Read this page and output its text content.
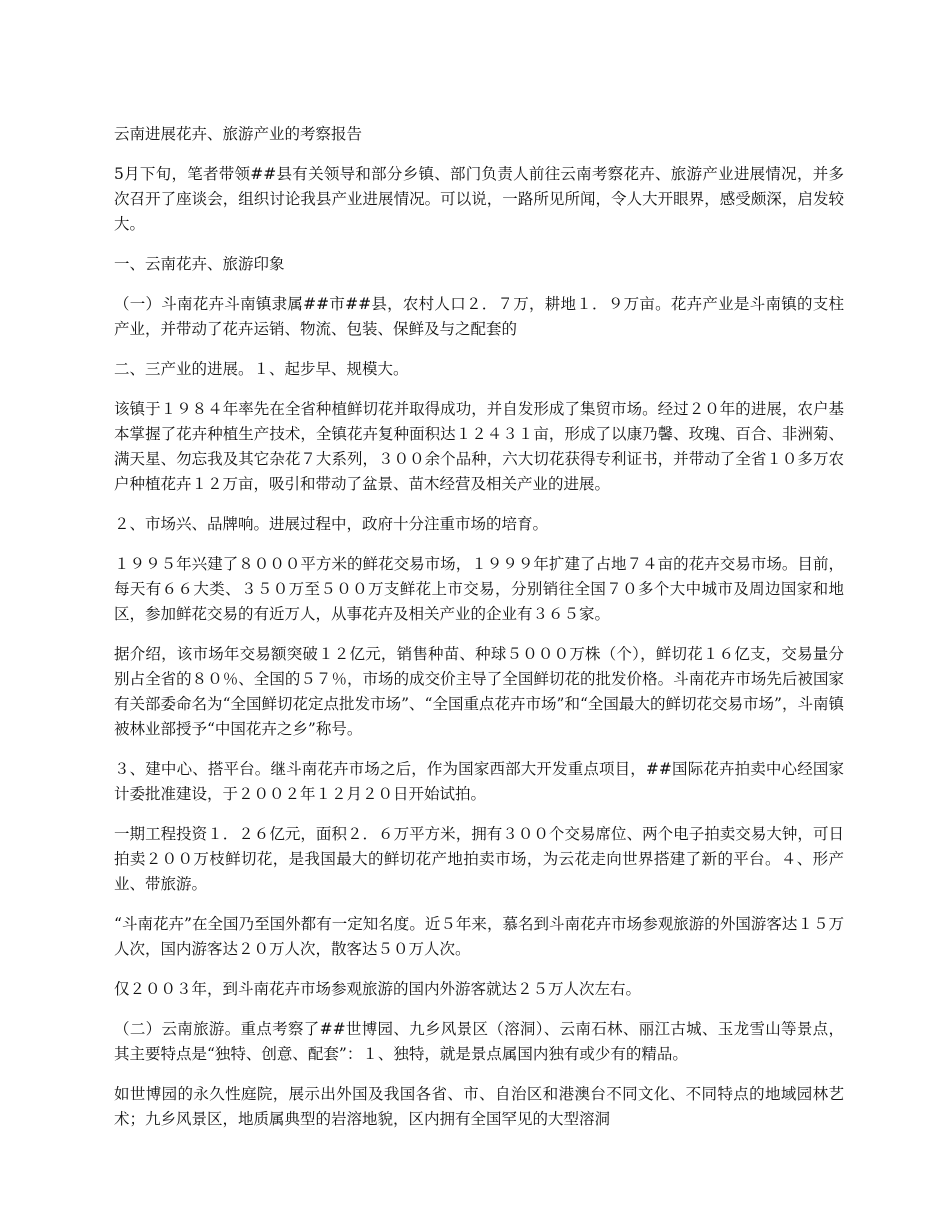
云南进展花卉、旅游产业的考察报告

5月下旬，笔者带领##县有关领导和部分乡镇、部门负责人前往云南考察花卉、旅游产业进展情况，并多次召开了座谈会，组织讨论我县产业进展情况。可以说，一路所见所闻，令人大开眼界，感受颇深，启发较大。

一、云南花卉、旅游印象

（一）斗南花卉斗南镇隶属##市##县，农村人口２．７万，耕地１．９万亩。花卉产业是斗南镇的支柱产业，并带动了花卉运销、物流、包装、保鲜及与之配套的

二、三产业的进展。１、起步早、规模大。

该镇于１９８４年率先在全省种植鲜切花并取得成功，并自发形成了集贸市场。经过２０年的进展，农户基本掌握了花卉种植生产技术，全镇花卉复种面积达１２４３１亩，形成了以康乃馨、玫瑰、百合、非洲菊、满天星、勿忘我及其它杂花７大系列，３００余个品种，六大切花获得专利证书，并带动了全省１０多万农户种植花卉１２万亩，吸引和带动了盆景、苗木经营及相关产业的进展。

２、市场兴、品牌响。进展过程中，政府十分注重市场的培育。

１９９５年兴建了８０００平方米的鲜花交易市场，１９９９年扩建了占地７４亩的花卉交易市场。目前，每天有６６大类、３５０万至５００万支鲜花上市交易，分别销往全国７０多个大中城市及周边国家和地区，参加鲜花交易的有近万人，从事花卉及相关产业的企业有３６５家。

据介绍，该市场年交易额突破１２亿元，销售种苗、种球５０００万株（个），鲜切花１６亿支，交易量分别占全省的８０％、全国的５７％，市场的成交价主导了全国鲜切花的批发价格。斗南花卉市场先后被国家有关部委命名为“全国鲜切花定点批发市场”、“全国重点花卉市场”和“全国最大的鲜切花交易市场”，斗南镇被林业部授予“中国花卉之乡”称号。

３、建中心、搭平台。继斗南花卉市场之后，作为国家西部大开发重点项目，##国际花卉拍卖中心经国家计委批准建设，于２００２年１２月２０日开始试拍。

一期工程投资１．２６亿元，面积２．６万平方米，拥有３００个交易席位、两个电子拍卖交易大钟，可日拍卖２００万枝鲜切花，是我国最大的鲜切花产地拍卖市场，为云花走向世界搭建了新的平台。４、形产业、带旅游。

“斗南花卉”在全国乃至国外都有一定知名度。近５年来，慕名到斗南花卉市场参观旅游的外国游客达１５万人次，国内游客达２０万人次，散客达５０万人次。

仅２００３年，到斗南花卉市场参观旅游的国内外游客就达２５万人次左右。

（二）云南旅游。重点考察了##世博园、九乡风景区（溶洞）、云南石林、丽江古城、玉龙雪山等景点，其主要特点是“独特、创意、配套”：１、独特，就是景点属国内独有或少有的精品。

如世博园的永久性庭院，展示出外国及我国各省、市、自治区和港澳台不同文化、不同特点的地域园林艺术；九乡风景区，地质属典型的岩溶地貌，区内拥有全国罕见的大型溶洞
